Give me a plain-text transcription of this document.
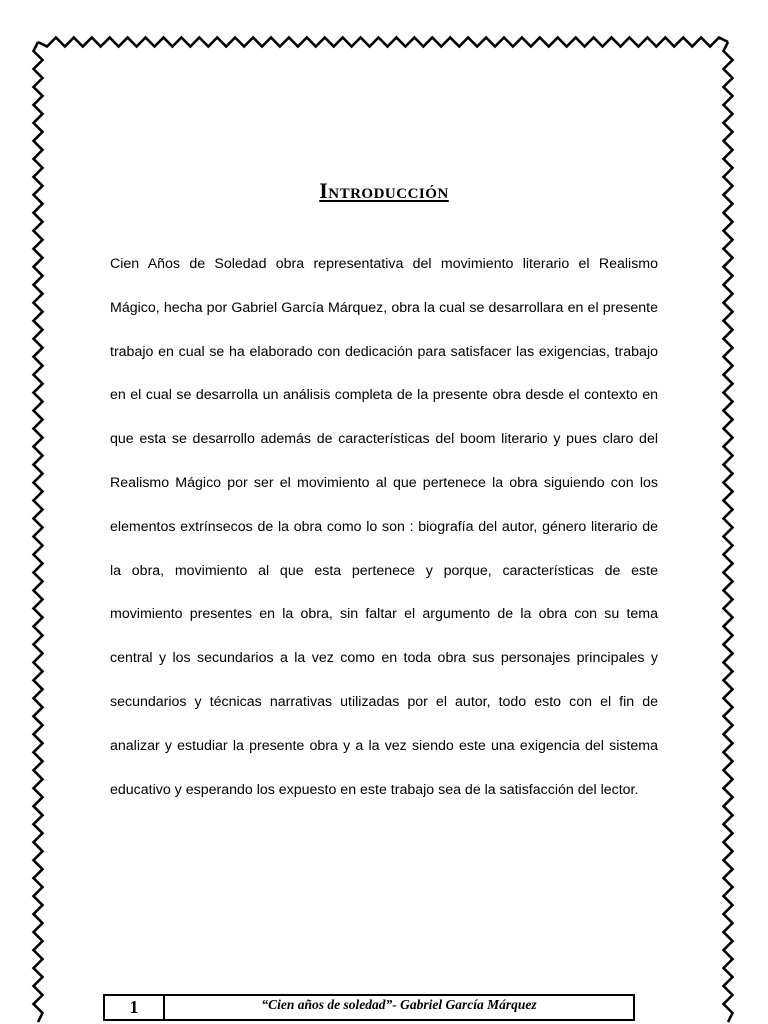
Introducción

Cien Años de Soledad obra representativa del movimiento literario el Realismo Mágico, hecha por Gabriel García Márquez, obra la cual se desarrollara en el presente trabajo en cual se ha elaborado con dedicación para satisfacer las exigencias, trabajo en el cual se desarrolla un análisis completa de la presente obra desde el contexto en que esta se desarrollo además de características del boom literario y pues claro del Realismo Mágico por ser el movimiento al que pertenece la obra siguiendo con los elementos extrínsecos de la obra como lo son : biografía del autor, género literario de la obra, movimiento al que esta pertenece y porque, características de este movimiento presentes en la obra, sin faltar el argumento de la obra con su tema central y los secundarios a la vez como en toda obra sus personajes principales y secundarios y técnicas narrativas utilizadas por el autor, todo esto con el fin de analizar y estudiar la presente obra y a la vez siendo este una exigencia del sistema educativo y esperando los expuesto en este trabajo sea de la satisfacción del lector.

1	“Cien años de soledad”- Gabriel García Márquez
